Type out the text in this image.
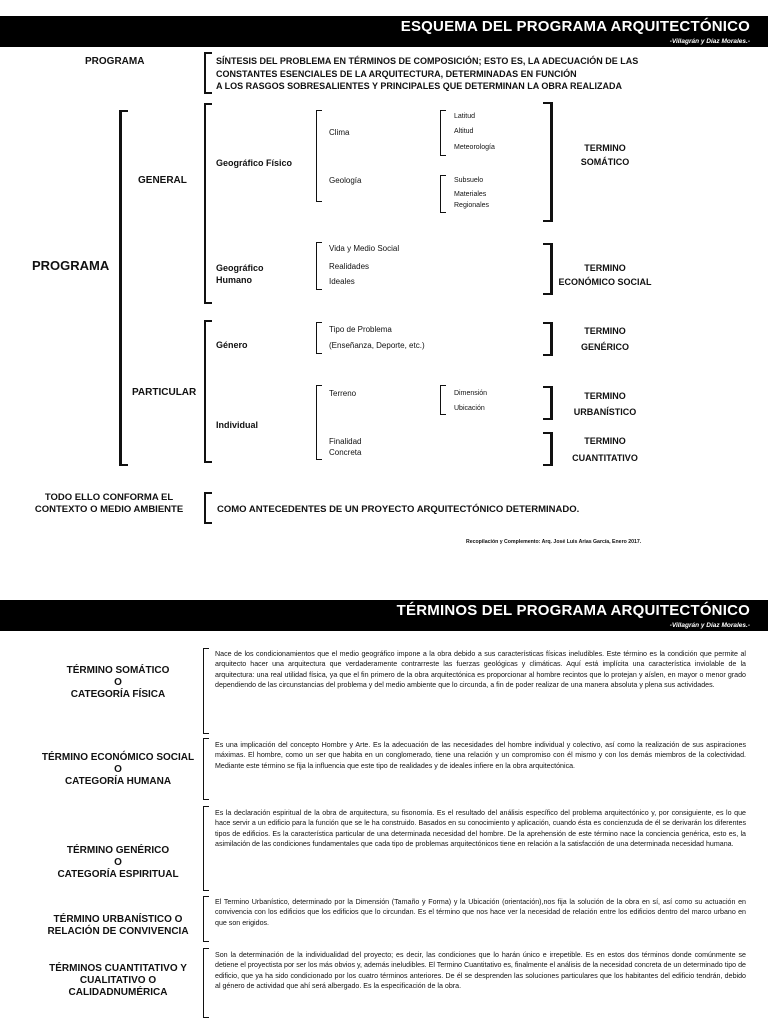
ESQUEMA DEL PROGRAMA ARQUITECTÓNICO
-Villagrán y Díaz Morales.-
PROGRAMA	SÍNTESIS DEL PROBLEMA EN TÉRMINOS DE COMPOSICIÓN; ESTO ES, LA ADECUACIÓN DE LAS
CONSTANTES ESENCIALES DE LA ARQUITECTURA, DETERMINADAS EN FUNCIÓN
A LOS RASGOS SOBRESALIENTES Y PRINCIPALES QUE DETERMINAN LA OBRA REALIZADA
PROGRAMA
GENERAL
PARTICULAR
Geográfico Físico
Clima
Geología
Latitud
Altitud
Meteorología
Subsuelo
Materiales
Regionales
TERMINO
SOMÁTICO
Geográfico
Humano
Vida y Medio Social
Realidades
Ideales
TERMINO
ECONÓMICO SOCIAL
Género
Tipo de Problema
(Enseñanza, Deporte, etc.)
TERMINO
GENÉRICO
Individual
Terreno	Dimensión
Ubicación
TERMINO
URBANÍSTICO
Finalidad
Concreta
TERMINO
CUANTITATIVO
TODO ELLO CONFORMA EL
CONTEXTO O MEDIO AMBIENTE	COMO ANTECEDENTES DE UN PROYECTO ARQUITECTÓNICO DETERMINADO.
Recopilación y Complemento: Arq. José Luis Arias García, Enero 2017.
TÉRMINOS DEL PROGRAMA ARQUITECTÓNICO
-Villagrán y Díaz Morales.-
TÉRMINO SOMÁTICO
O
CATEGORÍA FÍSICA
Nace de los condicionamientos que el medio geográfico impone a la obra debido a sus características físicas ineludibles. Este término es la condición que permite al arquitecto hacer una arquitectura que verdaderamente contrarreste las fuerzas geológicas y climáticas. Aquí está implícita una característica inviolable de la arquitectura: una real utilidad física, ya que el fin primero de la obra arquitectónica es proporcionar al hombre recintos que lo protejan y aíslen, en mayor o menor grado dependiendo de las circunstancias del problema y del medio ambiente que lo circunda, a fin de poder realizar de una manera absoluta y plena sus actividades.
TÉRMINO ECONÓMICO SOCIAL
O
CATEGORÍA HUMANA
Es una implicación del concepto Hombre y Arte. Es la adecuación de las necesidades del hombre individual y colectivo, así como la realización de sus aspiraciones máximas. El hombre, como un ser que habita en un conglomerado, tiene una relación y un compromiso con él mismo y con los demás miembros de la colectividad. Mediante este término se fija la influencia que este tipo de realidades y de ideales infiere en la obra arquitectónica.
TÉRMINO GENÉRICO
O
CATEGORÍA ESPIRITUAL
Es la declaración espiritual de la obra de arquitectura, su fisonomía. Es el resultado del análisis específico del problema arquitectónico y, por consiguiente, es lo que hace servir a un edificio para la función que se le ha construido. Basados en su conocimiento y aplicación, cuando ésta es concienzuda de él se derivarán los diferentes tipos de edificios. Es la característica particular de una determinada necesidad del hombre. De la aprehensión de este término nace la conciencia genérica, esto es, la asimilación de las condiciones fundamentales que cada tipo de problemas arquitectónicos tiene en relación a la satisfacción de una determinada necesidad humana.
TÉRMINO URBANÍSTICO O
RELACIÓN DE CONVIVENCIA
El Termino Urbanístico, determinado por la Dimensión (Tamaño y Forma) y la Ubicación (orientación),nos fija la solución de la obra en sí, así como su actuación en convivencia con los edificios que los edificios que lo circundan. Es el término que nos hace ver la necesidad de relación entre los edificios dentro del marco urbano en que son erigidos.
TÉRMINOS CUANTITATIVO Y
CUALITATIVO O
CALIDADNUMÉRICA
Son la determinación de la individualidad del proyecto; es decir, las condiciones que lo harán único e irrepetible. Es en estos dos términos donde comúnmente se detiene el proyectista por ser los más obvios y, además ineludibles. El Termino Cuantitativo es, finalmente el análisis de la necesidad concreta de un determinado tipo de edificio, que ya ha sido condicionado por los cuatro términos anteriores. De él se desprenden las soluciones particulares que los habitantes del edificio tendrán, debido al género de actividad que ahí será albergado. Es la especificación de la obra.
